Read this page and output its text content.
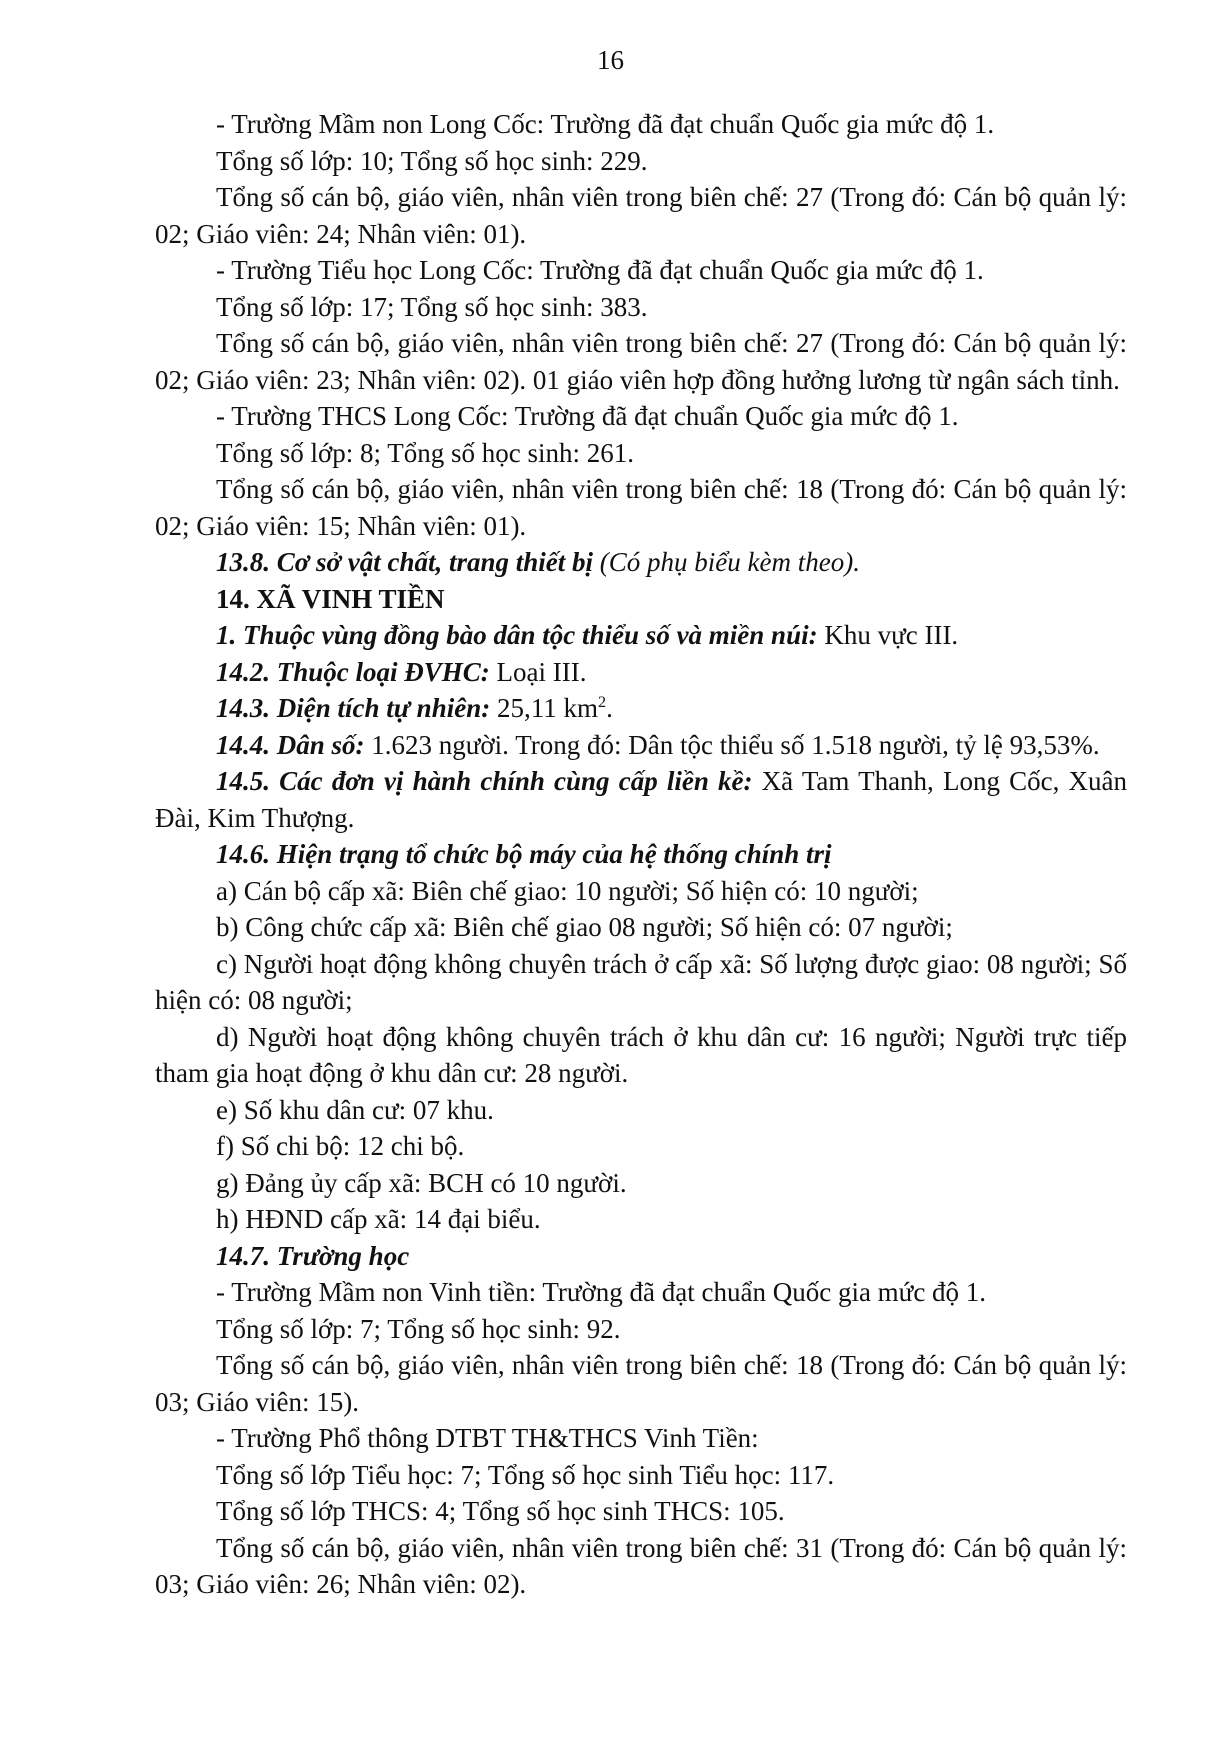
16

- Trường Mầm non Long Cốc: Trường đã đạt chuẩn Quốc gia mức độ 1.

Tổng số lớp: 10; Tổng số học sinh: 229.

Tổng số cán bộ, giáo viên, nhân viên trong biên chế: 27 (Trong đó: Cán bộ quản lý: 02; Giáo viên: 24; Nhân viên: 01).

- Trường Tiểu học Long Cốc: Trường đã đạt chuẩn Quốc gia mức độ 1.

Tổng số lớp: 17; Tổng số học sinh: 383.

Tổng số cán bộ, giáo viên, nhân viên trong biên chế: 27 (Trong đó: Cán bộ quản lý: 02; Giáo viên: 23; Nhân viên: 02). 01 giáo viên hợp đồng hưởng lương từ ngân sách tỉnh.

- Trường THCS Long Cốc: Trường đã đạt chuẩn Quốc gia mức độ 1.

Tổng số lớp: 8; Tổng số học sinh: 261.

Tổng số cán bộ, giáo viên, nhân viên trong biên chế: 18 (Trong đó: Cán bộ quản lý: 02; Giáo viên: 15; Nhân viên: 01).

13.8. Cơ sở vật chất, trang thiết bị (Có phụ biểu kèm theo).

14. XÃ VINH TIỀN

1. Thuộc vùng đồng bào dân tộc thiểu số và miền núi: Khu vực III.

14.2. Thuộc loại ĐVHC: Loại III.

14.3. Diện tích tự nhiên: 25,11 $km^2$.

14.4. Dân số: 1.623 người. Trong đó: Dân tộc thiểu số 1.518 người, tỷ lệ 93,53%.

14.5. Các đơn vị hành chính cùng cấp liền kề: Xã Tam Thanh, Long Cốc, Xuân Đài, Kim Thượng.

14.6. Hiện trạng tổ chức bộ máy của hệ thống chính trị

a) Cán bộ cấp xã: Biên chế giao: 10 người; Số hiện có: 10 người;

b) Công chức cấp xã: Biên chế giao 08 người; Số hiện có: 07 người;

c) Người hoạt động không chuyên trách ở cấp xã: Số lượng được giao: 08 người; Số hiện có: 08 người;

d) Người hoạt động không chuyên trách ở khu dân cư: 16 người; Người trực tiếp tham gia hoạt động ở khu dân cư: 28 người.

e) Số khu dân cư: 07 khu.

f) Số chi bộ: 12 chi bộ.

g) Đảng ủy cấp xã: BCH có 10 người.

h) HĐND cấp xã: 14 đại biểu.

14.7. Trường học

- Trường Mầm non Vinh tiền: Trường đã đạt chuẩn Quốc gia mức độ 1.

Tổng số lớp: 7; Tổng số học sinh: 92.

Tổng số cán bộ, giáo viên, nhân viên trong biên chế: 18 (Trong đó: Cán bộ quản lý: 03; Giáo viên: 15).

- Trường Phổ thông DTBT TH&THCS Vinh Tiền:

Tổng số lớp Tiểu học: 7; Tổng số học sinh Tiểu học: 117.

Tổng số lớp THCS: 4; Tổng số học sinh THCS: 105.

Tổng số cán bộ, giáo viên, nhân viên trong biên chế: 31 (Trong đó: Cán bộ quản lý: 03; Giáo viên: 26; Nhân viên: 02).
